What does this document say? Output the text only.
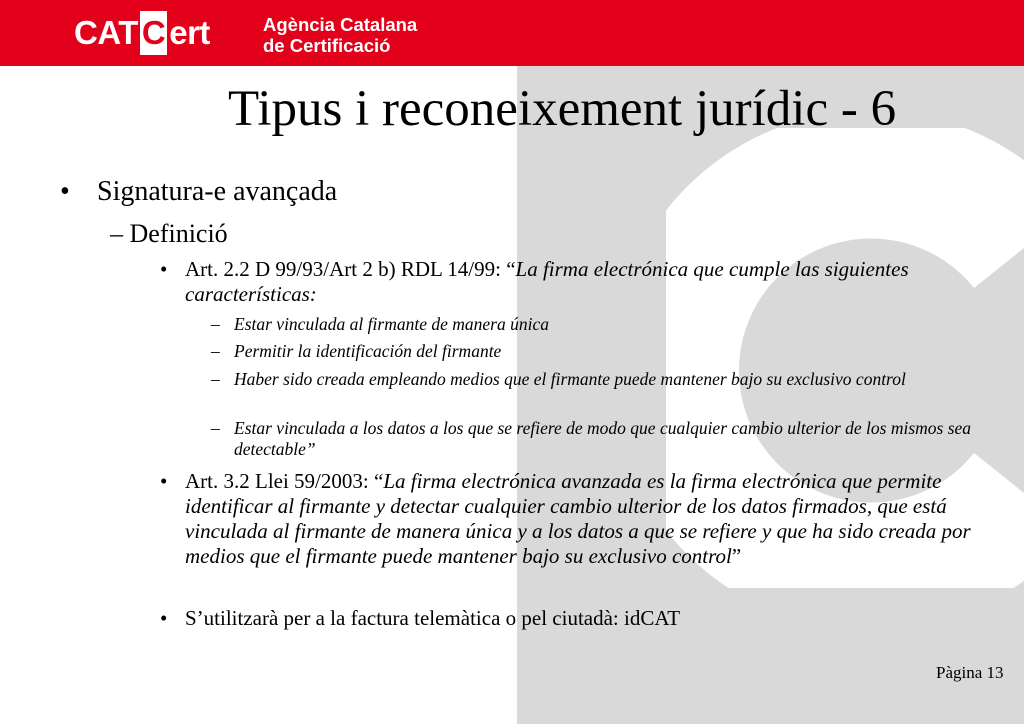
CAT C ert	Agència Catalana
de Certificació
Tipus i reconeixement jurídic - 6
• Signatura-e avançada
– Definició
• Art. 2.2 D 99/93/Art 2 b) RDL 14/99: “La firma electrónica que cumple las siguientes características:
– Estar vinculada al firmante de manera única
– Permitir la identificación del firmante
– Haber sido creada empleando medios que el firmante puede mantener bajo su exclusivo control
– Estar vinculada a los datos a los que se refiere de modo que cualquier cambio ulterior de los mismos sea detectable”
• Art. 3.2 Llei 59/2003: “La firma electrónica avanzada es la firma electrónica que permite identificar al firmante y detectar cualquier cambio ulterior de los datos firmados, que está vinculada al firmante de manera única y a los datos a que se refiere y que ha sido creada por medios que el firmante puede mantener bajo su exclusivo control”
• S’utilitzarà per a la factura telemàtica o pel ciutadà: idCAT
Pàgina 13
